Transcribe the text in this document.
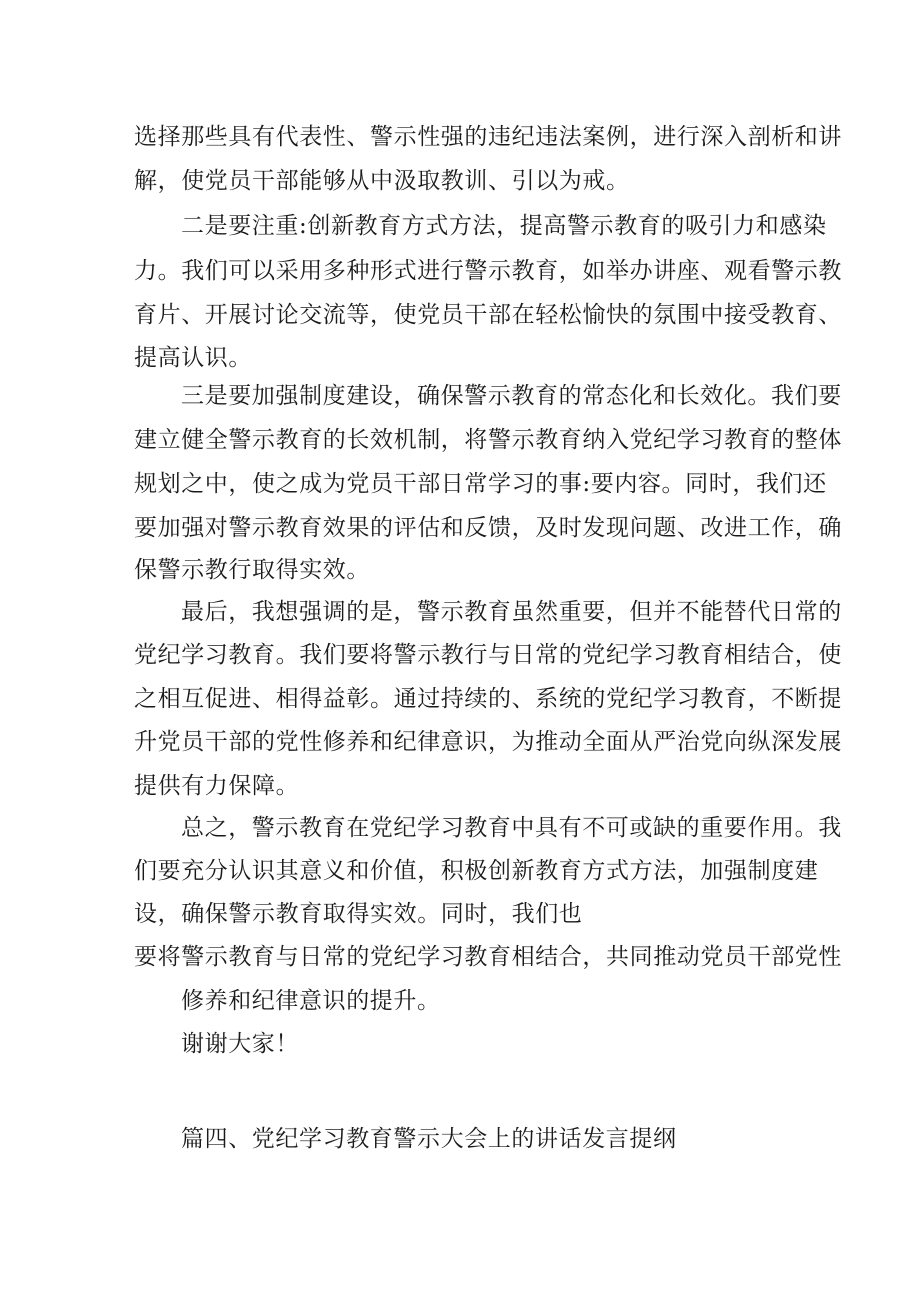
选择那些具有代表性、警示性强的违纪违法案例，进行深入剖析和讲
解，使党员干部能够从中汲取教训、引以为戒。
二是要注重:创新教育方式方法，提高警示教育的吸引力和感染
力。我们可以采用多种形式进行警示教育，如举办讲座、观看警示教
育片、开展讨论交流等，使党员干部在轻松愉快的氛围中接受教育、
提高认识。
三是要加强制度建设，确保警示教育的常态化和长效化。我们要
建立健全警示教育的长效机制，将警示教育纳入党纪学习教育的整体
规划之中，使之成为党员干部日常学习的事:要内容。同时，我们还
要加强对警示教育效果的评估和反馈，及时发现问题、改进工作，确
保警示教行取得实效。
最后，我想强调的是，警示教育虽然重要，但并不能替代日常的
党纪学习教育。我们要将警示教行与日常的党纪学习教育相结合，使
之相互促进、相得益彰。通过持续的、系统的党纪学习教育，不断提
升党员干部的党性修养和纪律意识，为推动全面从严治党向纵深发展
提供有力保障。
总之，警示教育在党纪学习教育中具有不可或缺的重要作用。我
们要充分认识其意义和价值，积极创新教育方式方法，加强制度建
设，确保警示教育取得实效。同时，我们也
要将警示教育与日常的党纪学习教育相结合，共同推动党员干部党性
修养和纪律意识的提升。
谢谢大家！
篇四、党纪学习教育警示大会上的讲话发言提纲
